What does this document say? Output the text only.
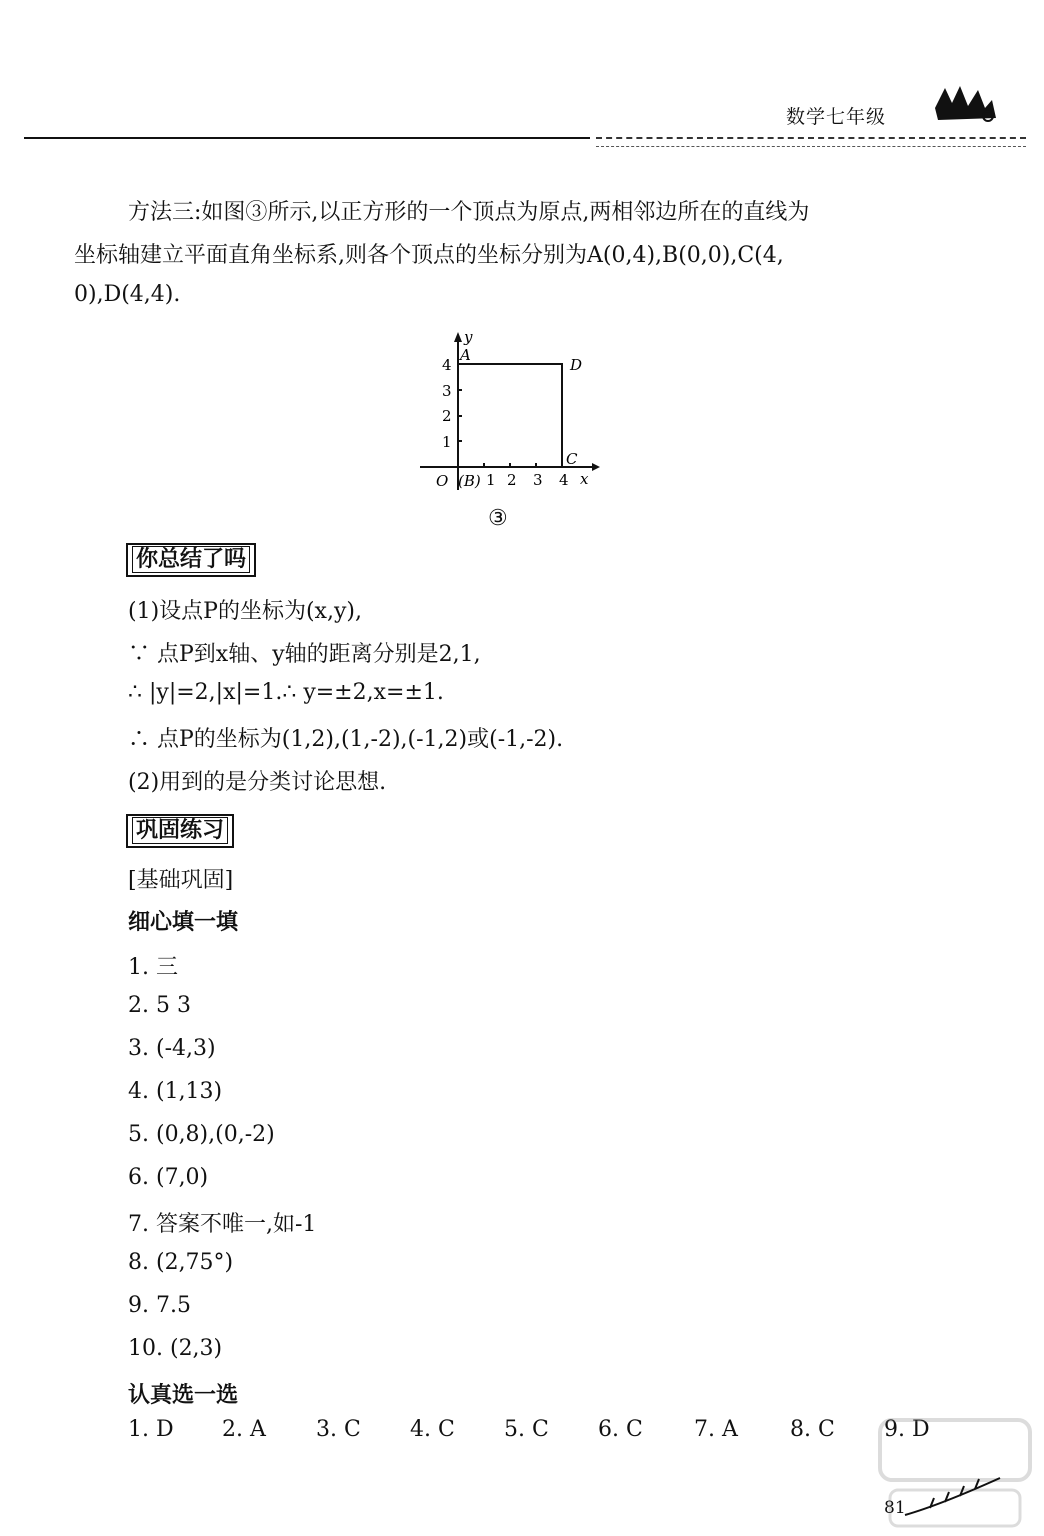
数学七年级
方法三:如图③所示,以正方形的一个顶点为原点,两相邻边所在的直线为
坐标轴建立平面直角坐标系,则各个顶点的坐标分别为A(0,4),B(0,0),C(4,
0),D(4,4).
y
x
A
D
C
O (B) 1 2 3 4
1
2
3
4
③
你总结了吗
(1)设点P的坐标为(x,y),
∵ 点P到x轴、y轴的距离分别是2,1,
∴ |y|=2,|x|=1.∴ y=±2,x=±1.
∴ 点P的坐标为(1,2),(1,-2),(-1,2)或(-1,-2).
(2)用到的是分类讨论思想.
巩固练习
[基础巩固]
细心填一填
1. 三
2. 5 3
3. (-4,3)
4. (1,13)
5. (0,8),(0,-2)
6. (7,0)
7. 答案不唯一,如-1
8. (2,75°)
9. 7.5
10. (2,3)
认真选一选
1. D 2. A 3. C 4. C 5. C 6. C 7. A 8. C 9. D
81
